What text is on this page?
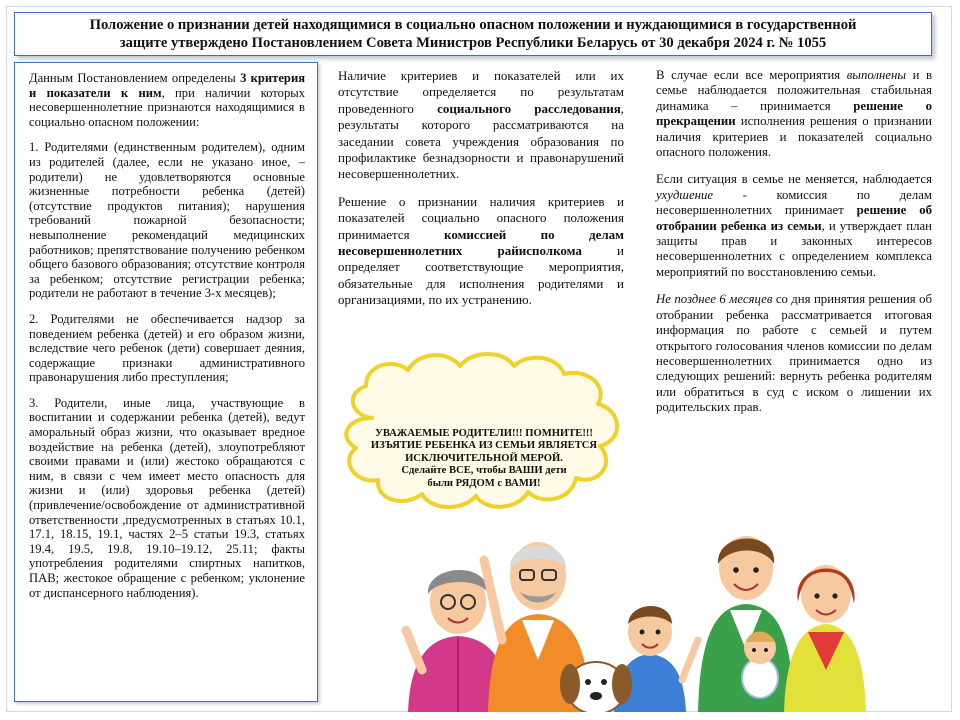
Положение о признании детей находящимися в социально опасном положении и нуждающимися в государственной
защите утверждено Постановлением Совета Министров Республики Беларусь от 30 декабря 2024 г. № 1055

Данным Постановлением определены 3 критерия и показатели к ним, при наличии которых несовершеннолетние признаются находящимися в социально опасном положении:

1. Родителями (единственным родителем), одним из родителей (далее, если не указано иное, – родители) не удовлетворяются основные жизненные потребности ребенка (детей) (отсутствие продуктов питания); нарушения требований пожарной безопасности; невыполнение рекомендаций медицинских работников; препятствование получению ребенком общего базового образования; отсутствие контроля за ребенком; отсутствие регистрации ребенка; родители не работают в течение 3-х месяцев);

2. Родителями не обеспечивается надзор за поведением ребенка (детей) и его образом жизни, вследствие чего ребенок (дети) совершает деяния, содержащие признаки административного правонарушения либо преступления;

3. Родители, иные лица, участвующие в воспитании и содержании ребенка (детей), ведут аморальный образ жизни, что оказывает вредное воздействие на ребенка (детей), злоупотребляют своими правами и (или) жестоко обращаются с ним, в связи с чем имеет место опасность для жизни и (или) здоровья ребенка (детей) (привлечение/освобождение от административной ответственности ,предусмотренных в статьях 10.1, 17.1, 18.15, 19.1, частях 2–5 статьи 19.3, статьях 19.4, 19.5, 19.8, 19.10–19.12, 25.11; факты употребления родителями спиртных напитков, ПАВ; жестокое обращение с ребенком; уклонение от диспансерного наблюдения).

Наличие критериев и показателей или их отсутствие определяется по результатам проведенного социального расследования, результаты которого рассматриваются на заседании совета учреждения образования по профилактике безнадзорности и правонарушений несовершеннолетних.

Решение о признании наличия критериев и показателей социально опасного положения принимается комиссией по делам несовершеннолетних райисполкома и определяет соответствующие мероприятия, обязательные для исполнения родителями и организациями, по их устранению.

В случае если все мероприятия выполнены и в семье наблюдается положительная стабильная динамика – принимается решение о прекращении исполнения решения о признании наличия критериев и показателей социально опасного положения.

Если ситуация в семье не меняется, наблюдается ухудшение - комиссия по делам несовершеннолетних принимает решение об отобрании ребенка из семьи, и утверждает план защиты прав и законных интересов несовершеннолетних с определением комплекса мероприятий по восстановлению семьи.

Не позднее 6 месяцев со дня принятия решения об отобрании ребенка рассматривается итоговая информация по работе с семьей и путем открытого голосования членов комиссии по делам несовершеннолетних принимается одно из следующих решений: вернуть ребенка родителям или обратиться в суд с иском о лишении их родительских прав.

УВАЖАЕМЫЕ РОДИТЕЛИ!!! ПОМНИТЕ!!!
ИЗЪЯТИЕ РЕБЕНКА ИЗ СЕМЬИ ЯВЛЯЕТСЯ
ИСКЛЮЧИТЕЛЬНОЙ МЕРОЙ.
Сделайте ВСЕ, чтобы ВАШИ дети
были РЯДОМ с ВАМИ!
